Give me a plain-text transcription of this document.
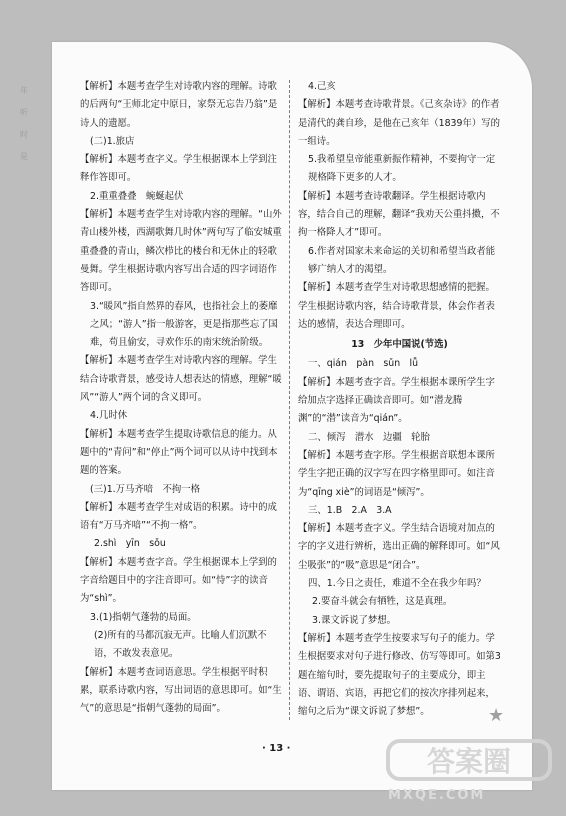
年
听
时
是
【解析】本题考查学生对诗歌内容的理解。诗歌的后两句“王师北定中原日，家祭无忘告乃翁”是诗人的遗愿。
(二)1.旅店
【解析】本题考查字义。学生根据课本上学到注释作答即可。
2.重重叠叠　蜿蜒起伏
【解析】本题考查学生对诗歌内容的理解。“山外青山楼外楼，西湖歌舞几时休”两句写了临安城重重叠叠的青山，鳞次栉比的楼台和无休止的轻歌曼舞。学生根据诗歌内容写出合适的四字词语作答即可。
3.“暖风”指自然界的春风，也指社会上的萎靡之风；“游人”指一般游客，更是指那些忘了国难，苟且偷安，寻欢作乐的南宋统治阶级。
【解析】本题考查学生对诗歌内容的理解。学生结合诗歌背景，感受诗人想表达的情感，理解“暖风”“游人”两个词的含义即可。
4.几时休
【解析】本题考查学生提取诗歌信息的能力。从题中的“青问”和“停止”两个词可以从诗中找到本题的答案。
(三)1.万马齐喑　不拘一格
【解析】本题考查学生对成语的积累。诗中的成语有“万马齐喑”“不拘一格”。
2.shì　yīn　sǒu
【解析】本题考查字音。学生根据课本上学到的字音给题目中的字注音即可。如“恃”字的读音为“shì”。
3.(1)指朝气蓬勃的局面。
(2)所有的马都沉寂无声。比喻人们沉默不语，不敢发表意见。
【解析】本题考查词语意思。学生根据平时积累，联系诗歌内容，写出词语的意思即可。如“生气”的意思是“指朝气蓬勃的局面”。
4.己亥
【解析】本题考查诗歌背景。《己亥杂诗》的作者是清代的龚自珍，是他在己亥年（1839年）写的一组诗。
5.我希望皇帝能重新振作精神，不要拘守一定规格降下更多的人才。
【解析】本题考查诗歌翻译。学生根据诗歌内容，结合自己的理解，翻译“我劝天公重抖擞，不拘一格降人才”即可。
6.作者对国家未来命运的关切和希望当政者能够广纳人才的渴望。
【解析】本题考查学生对诗歌思想感情的把握。学生根据诗歌内容，结合诗歌背景，体会作者表达的感情，表达合理即可。
13　少年中国说(节选)
一、qián　pàn　sǔn　lǚ
【解析】本题考查字音。学生根据本课所学生字给加点字选择正确读音即可。如“潜龙腾渊”的“潜”读音为“qián”。
二、倾泻　潜水　边疆　轮胎
【解析】本题考查字形。学生根据音联想本课所学生字把正确的汉字写在四字格里即可。如注音为“qīng xiè”的词语是“倾泻”。
三、1.B　2.A　3.A
【解析】本题考查字义。学生结合语境对加点的字的字义进行辨析，选出正确的解释即可。如“风尘吸张”的“吸”意思是“闭合”。
四、1.今日之责任，难道不全在我少年吗？
2.要奋斗就会有牺牲，这是真理。
3.课文诉说了梦想。
【解析】本题考查学生按要求写句子的能力。学生根据要求对句子进行修改、仿写等即可。如第3题在缩句时，要先提取句子的主要成分，即主语、谓语、宾语，再把它们的按次序排列起来，缩句之后为“课文诉说了梦想”。
· 13 ·
★
答案圈
MXQE.COM
